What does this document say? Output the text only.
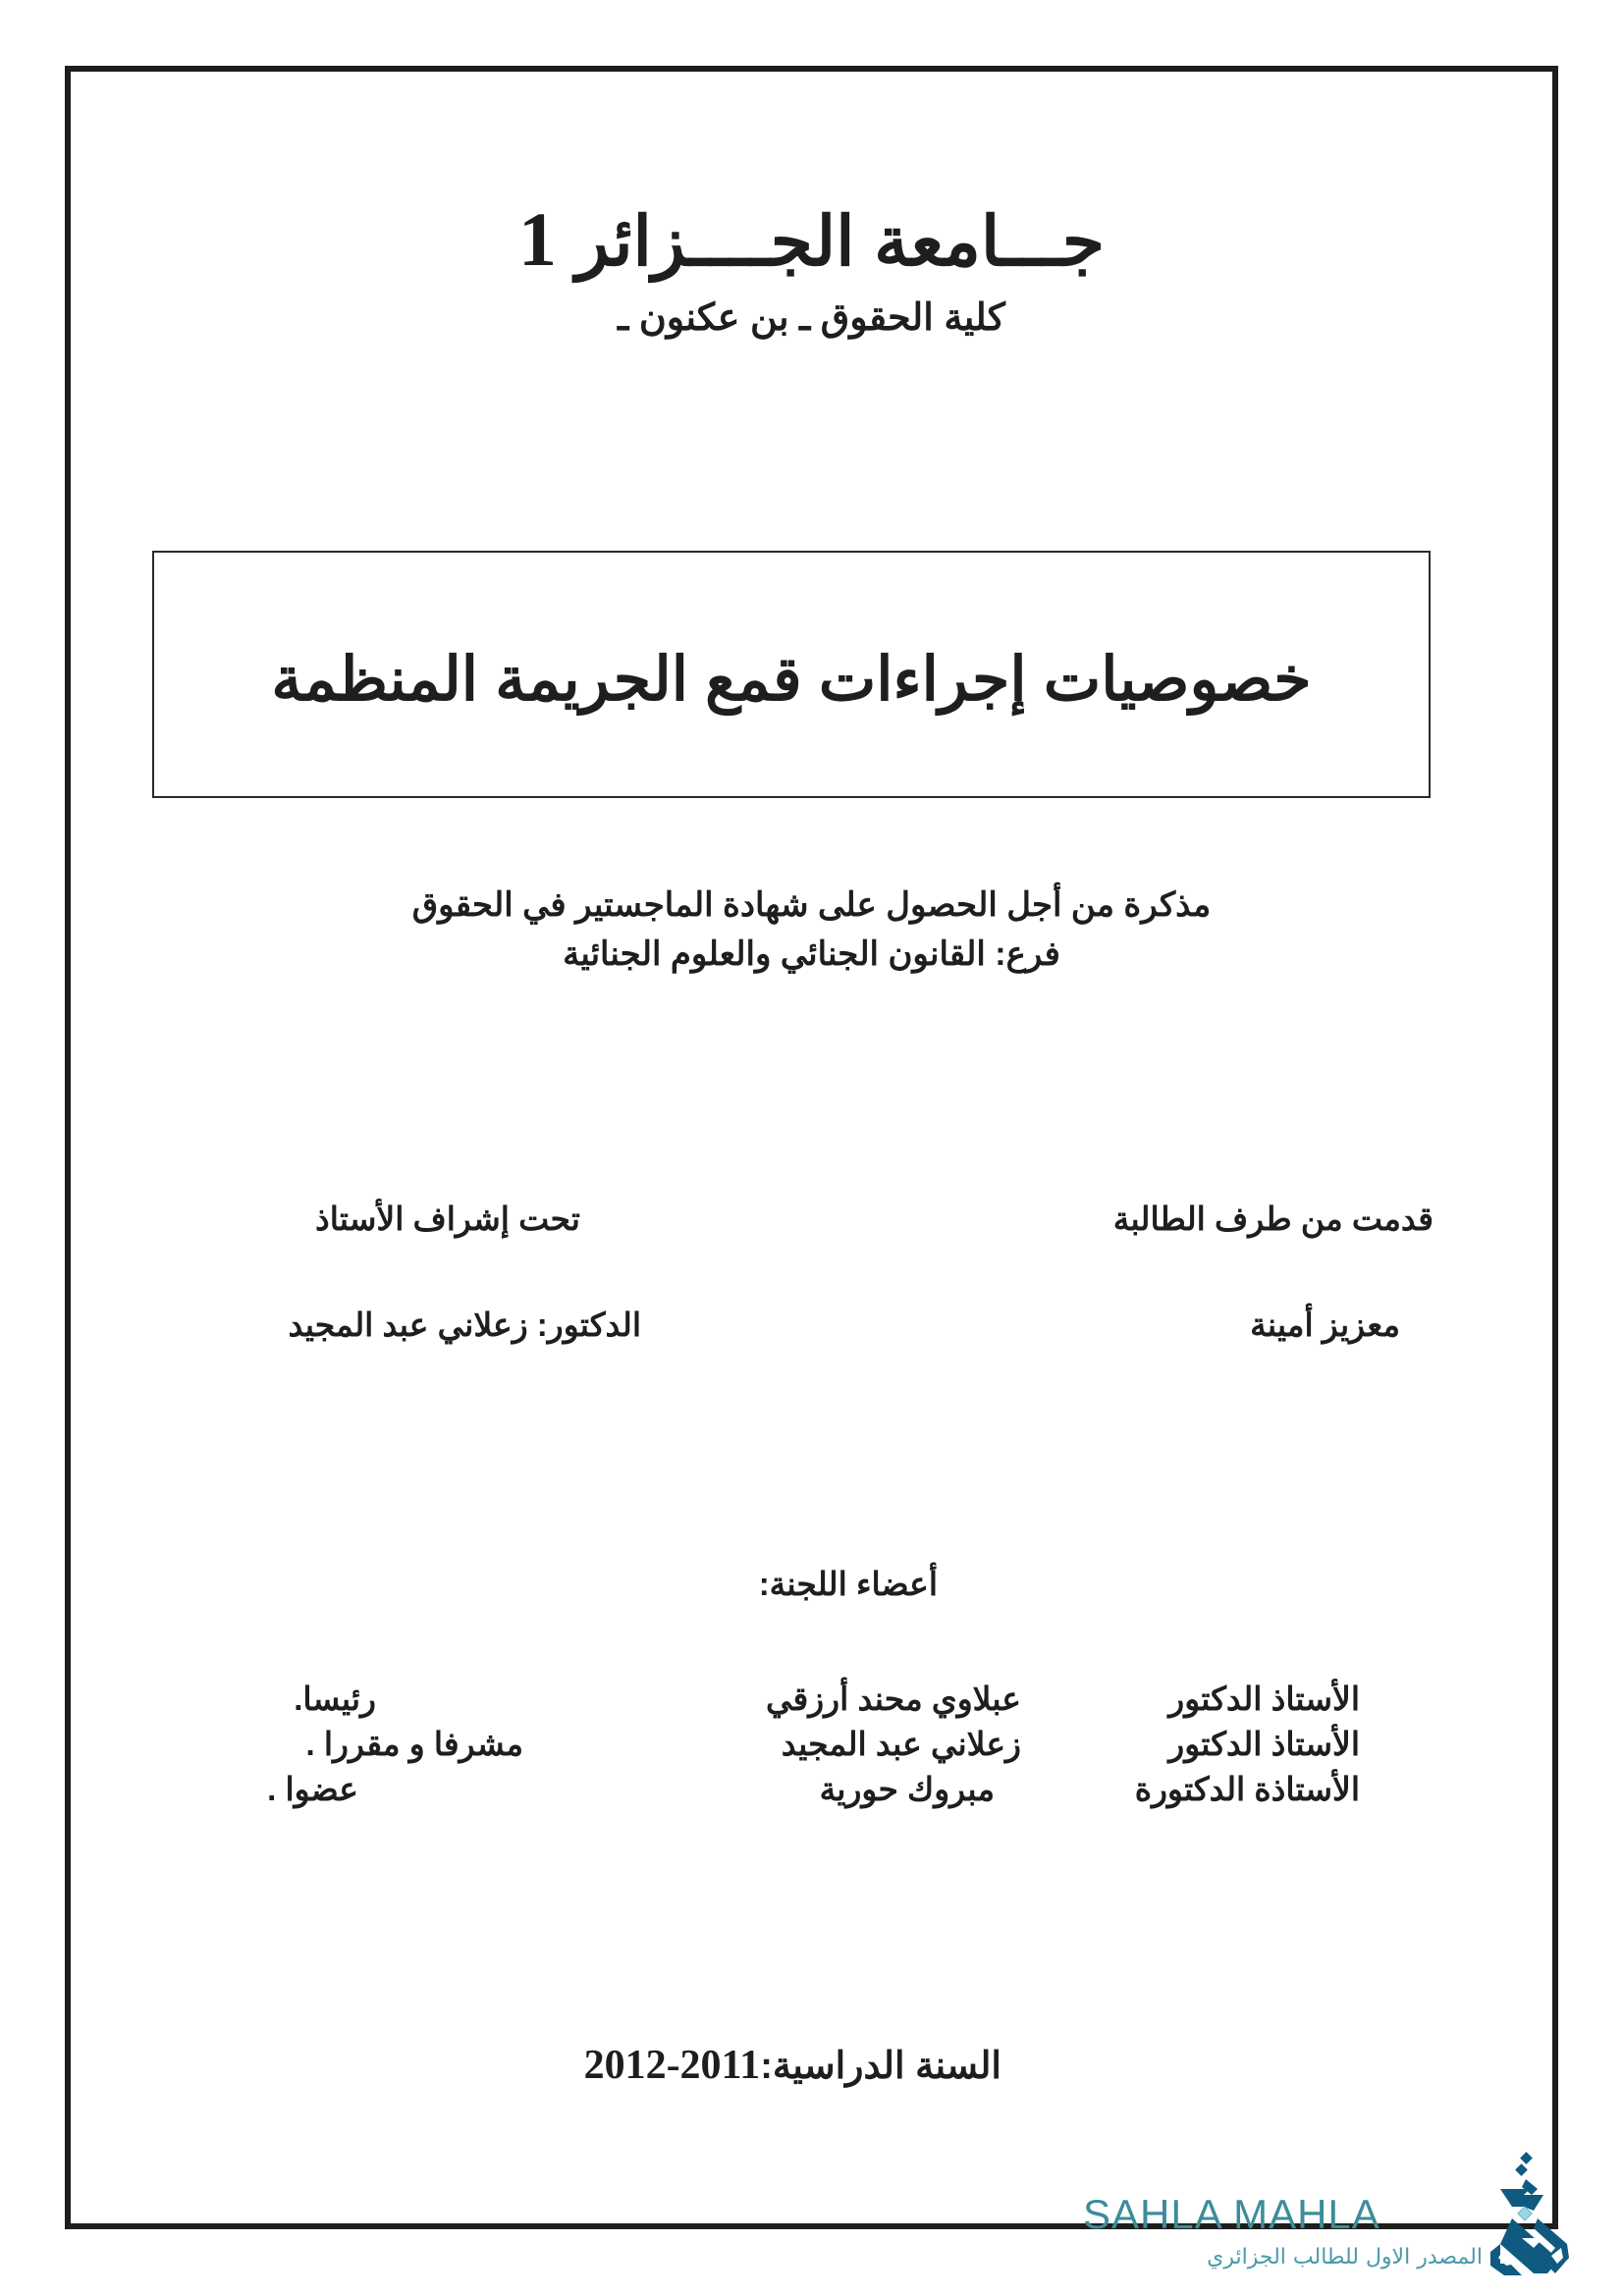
جـــامعة الجــــزائر 1
كلية الحقوق ـ بن عكنون ـ
خصوصيات إجراءات قمع الجريمة المنظمة
مذكرة من أجل الحصول على شهادة الماجستير في الحقوق
فرع: القانون الجنائي والعلوم الجنائية
قدمت من طرف الطالبة
تحت إشراف الأستاذ
معزيز أمينة
الدكتور: زعلاني عبد المجيد
أعضاء اللجنة:
الأستاذ الدكتور
عبلاوي محند أرزقي
رئيسا.
الأستاذ الدكتور
زعلاني عبد المجيد
مشرفا و مقررا .
الأستاذة الدكتورة
مبروك حورية
عضوا .
السنة الدراسية:2012-2011
SAHLA MAHLA
المصدر الاول للطالب الجزائري
